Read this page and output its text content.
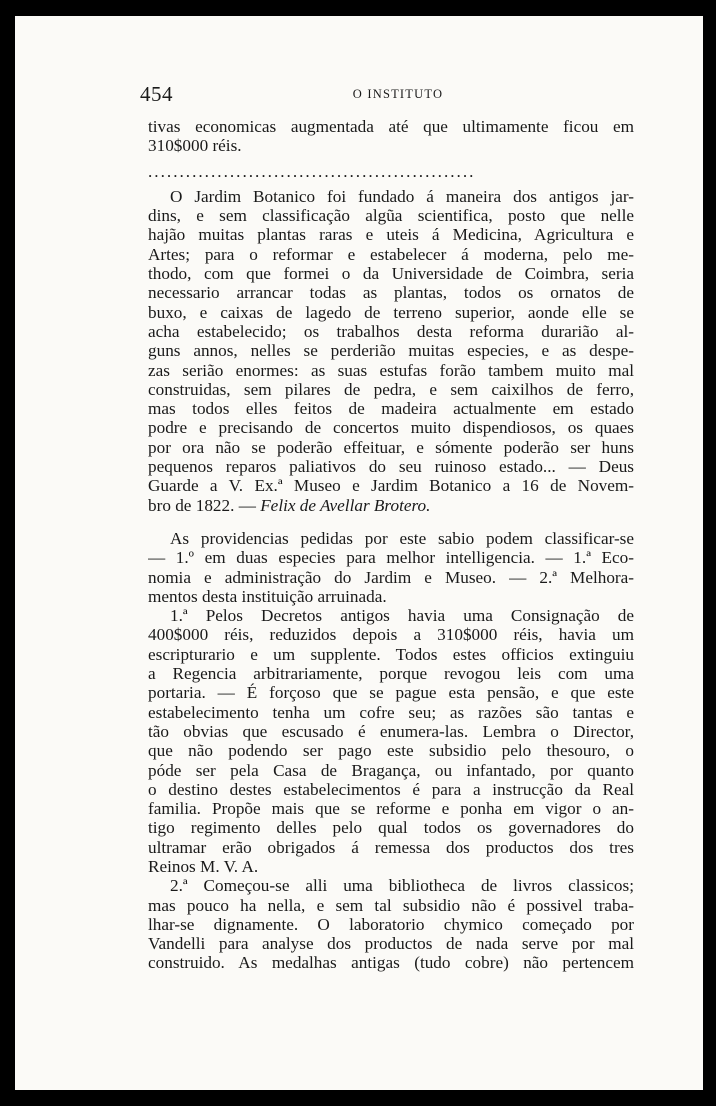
454	O INSTITUTO
tivas economicas augmentada até que ultimamente ficou em
310$000 réis.
....................................................
O Jardim Botanico foi fundado á maneira dos antigos jar-
dins, e sem classificação algũa scientifica, posto que nelle
hajão muitas plantas raras e uteis á Medicina, Agricultura e
Artes; para o reformar e estabelecer á moderna, pelo me-
thodo, com que formei o da Universidade de Coimbra, seria
necessario arrancar todas as plantas, todos os ornatos de
buxo, e caixas de lagedo de terreno superior, aonde elle se
acha estabelecido; os trabalhos desta reforma durarião al-
guns annos, nelles se perderião muitas especies, e as despe-
zas serião enormes: as suas estufas forão tambem muito mal
construidas, sem pilares de pedra, e sem caixilhos de ferro,
mas todos elles feitos de madeira actualmente em estado
podre e precisando de concertos muito dispendiosos, os quaes
por ora não se poderão effeituar, e sómente poderão ser huns
pequenos reparos paliativos do seu ruinoso estado... — Deus
Guarde a V. Ex.ª Museo e Jardim Botanico a 16 de Novem-
bro de 1822. — Felix de Avellar Brotero.
As providencias pedidas por este sabio podem classificar-se
— 1.º em duas especies para melhor intelligencia. — 1.ª Eco-
nomia e administração do Jardim e Museo. — 2.ª Melhora-
mentos desta instituição arruinada.
1.ª Pelos Decretos antigos havia uma Consignação de
400$000 réis, reduzidos depois a 310$000 réis, havia um
escripturario e um supplente. Todos estes officios extinguiu
a Regencia arbitrariamente, porque revogou leis com uma
portaria. — É forçoso que se pague esta pensão, e que este
estabelecimento tenha um cofre seu; as razões são tantas e
tão obvias que escusado é enumera-las. Lembra o Director,
que não podendo ser pago este subsidio pelo thesouro, o
póde ser pela Casa de Bragança, ou infantado, por quanto
o destino destes estabelecimentos é para a instrucção da Real
familia. Propõe mais que se reforme e ponha em vigor o an-
tigo regimento delles pelo qual todos os governadores do
ultramar erão obrigados á remessa dos productos dos tres
Reinos M. V. A.
2.ª Começou-se alli uma bibliotheca de livros classicos;
mas pouco ha nella, e sem tal subsidio não é possivel traba-
lhar-se dignamente. O laboratorio chymico começado por
Vandelli para analyse dos productos de nada serve por mal
construido. As medalhas antigas (tudo cobre) não pertencem
